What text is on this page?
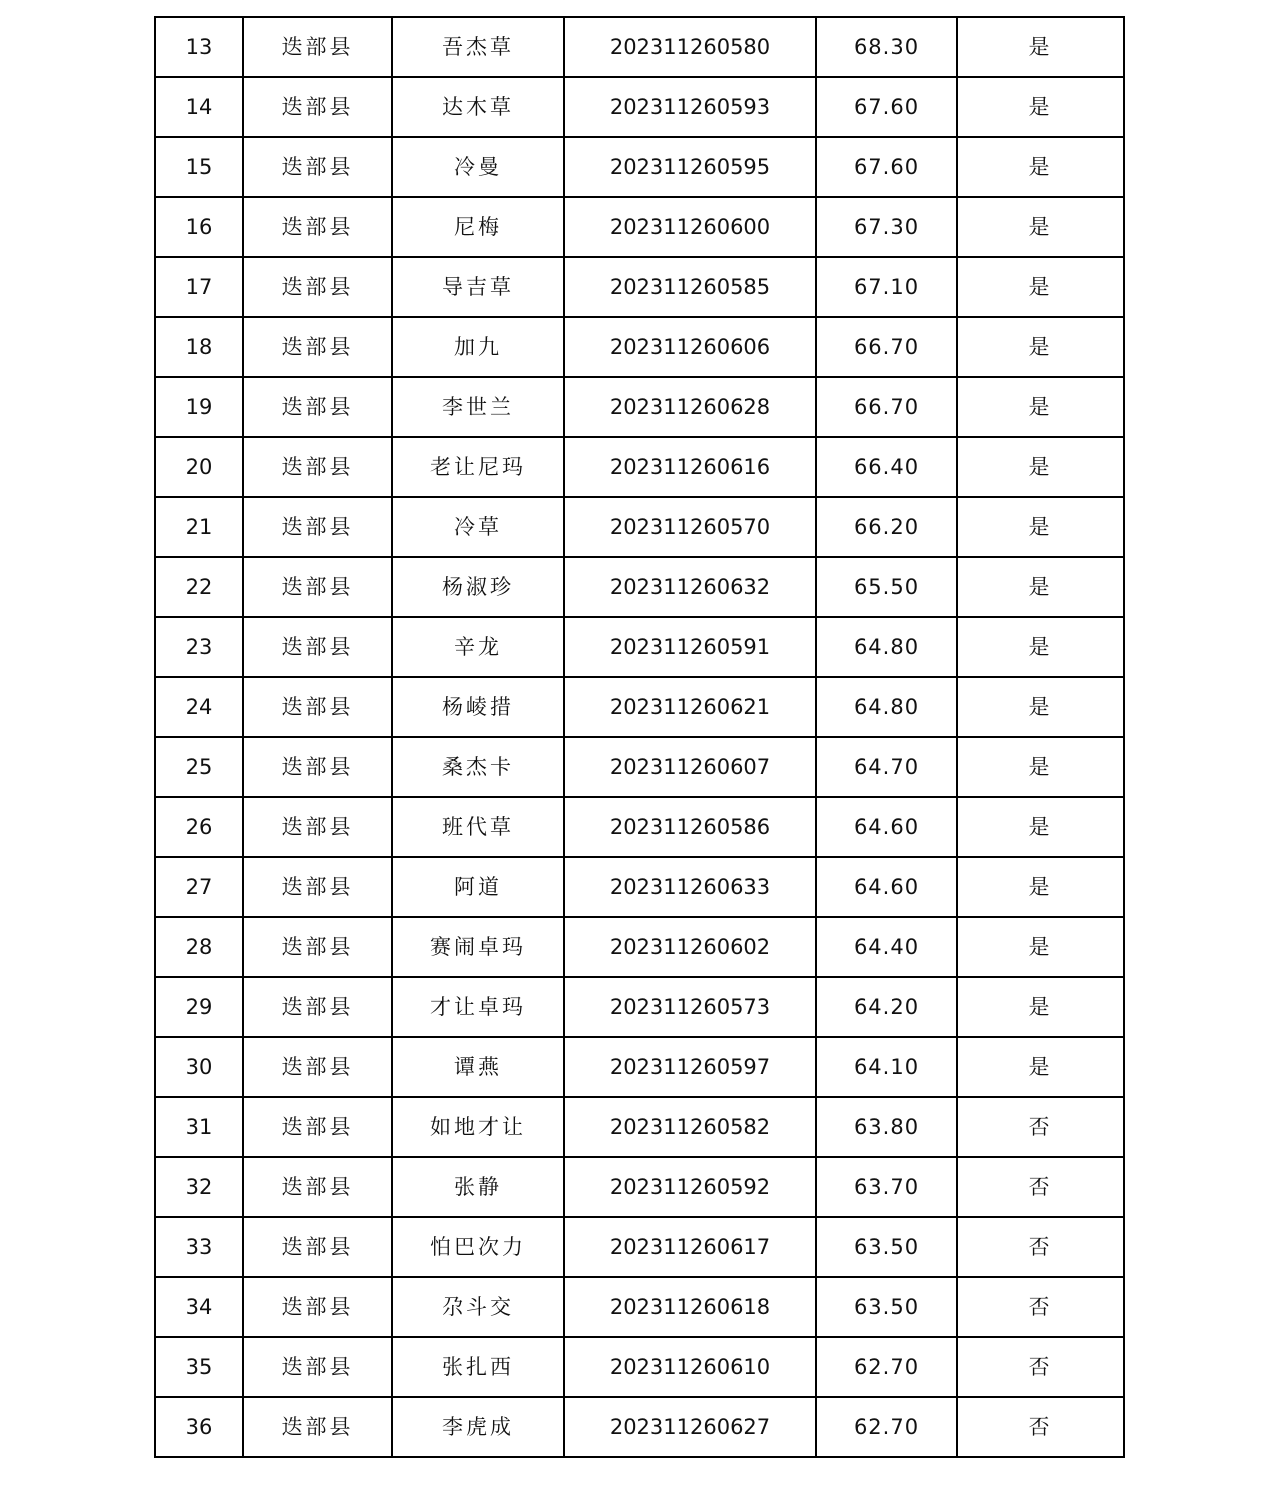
13	迭部县	吾杰草	202311260580	68.30	是
14	迭部县	达木草	202311260593	67.60	是
15	迭部县	冷曼	202311260595	67.60	是
16	迭部县	尼梅	202311260600	67.30	是
17	迭部县	导吉草	202311260585	67.10	是
18	迭部县	加九	202311260606	66.70	是
19	迭部县	李世兰	202311260628	66.70	是
20	迭部县	老让尼玛	202311260616	66.40	是
21	迭部县	冷草	202311260570	66.20	是
22	迭部县	杨淑珍	202311260632	65.50	是
23	迭部县	辛龙	202311260591	64.80	是
24	迭部县	杨崚措	202311260621	64.80	是
25	迭部县	桑杰卡	202311260607	64.70	是
26	迭部县	班代草	202311260586	64.60	是
27	迭部县	阿道	202311260633	64.60	是
28	迭部县	赛闹卓玛	202311260602	64.40	是
29	迭部县	才让卓玛	202311260573	64.20	是
30	迭部县	谭燕	202311260597	64.10	是
31	迭部县	如地才让	202311260582	63.80	否
32	迭部县	张静	202311260592	63.70	否
33	迭部县	怕巴次力	202311260617	63.50	否
34	迭部县	尕斗交	202311260618	63.50	否
35	迭部县	张扎西	202311260610	62.70	否
36	迭部县	李虎成	202311260627	62.70	否
